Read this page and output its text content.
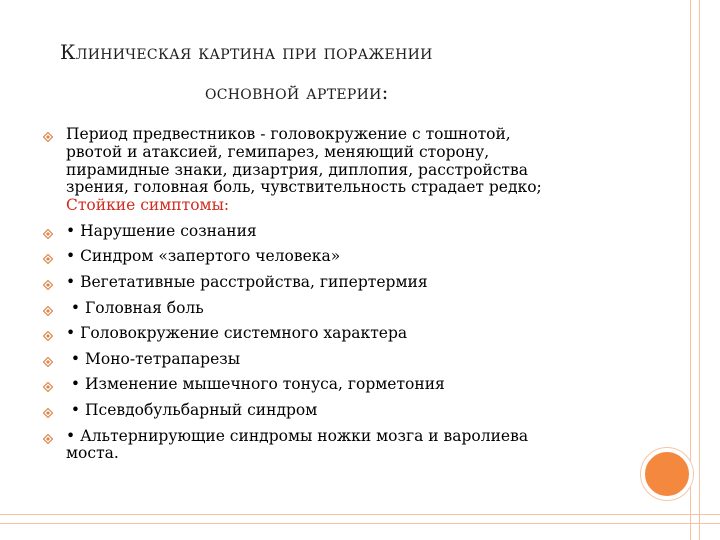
Клиническая картина при поражении
основной артерии:
Период предвестников - головокружение с тошнотой,
рвотой и атаксией, гемипарез, меняющий сторону,
пирамидные знаки, дизартрия, диплопия, расстройства
зрения, головная боль, чувствительность страдает редко;
Стойкие симптомы:
• Нарушение сознания
• Синдром «запертого человека»
• Вегетативные расстройства, гипертермия
• Головная боль
• Головокружение системного характера
• Моно-тетрапарезы
• Изменение мышечного тонуса, горметония
• Псевдобульбарный синдром
• Альтернирующие синдромы ножки мозга и варолиева
моста.
